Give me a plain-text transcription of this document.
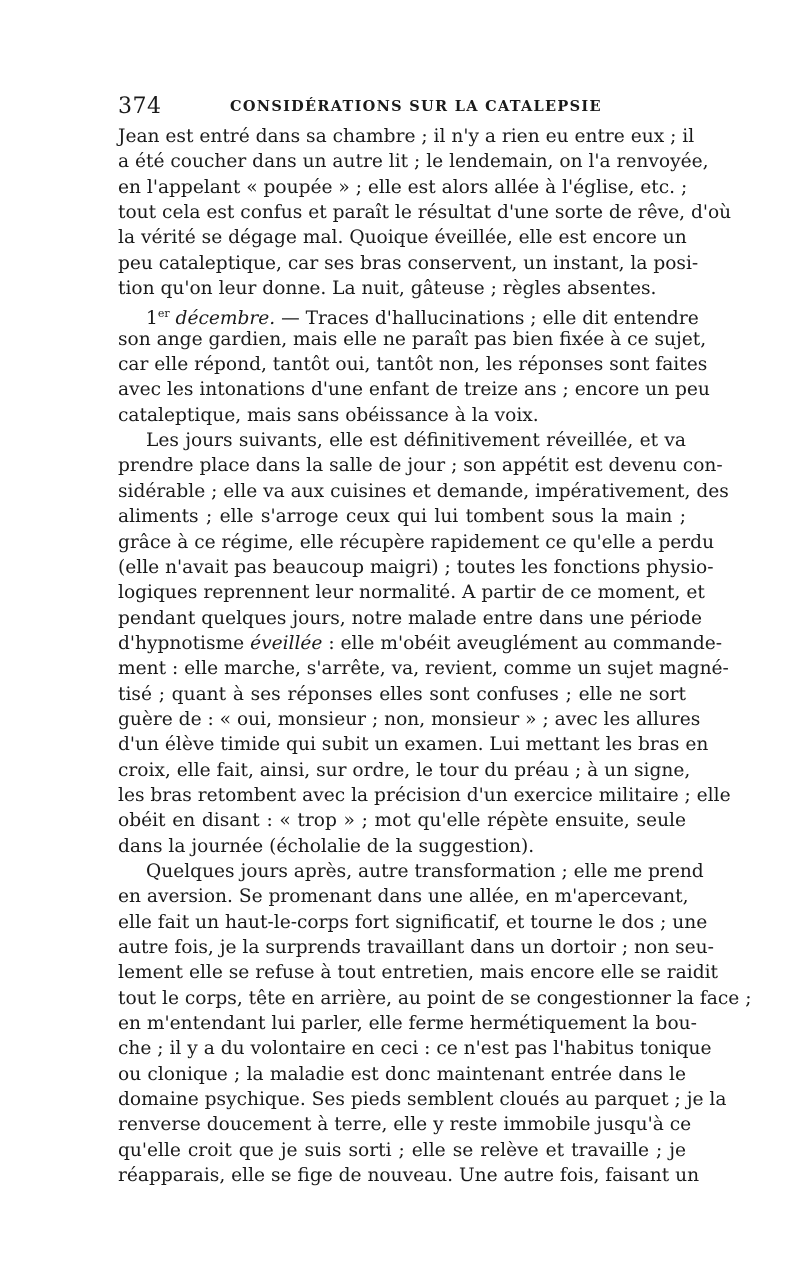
374	CONSIDÉRATIONS SUR LA CATALEPSIE
Jean est entré dans sa chambre ; il n'y a rien eu entre eux ; il
a été coucher dans un autre lit ; le lendemain, on l'a renvoyée,
en l'appelant « poupée » ; elle est alors allée à l'église, etc. ;
tout cela est confus et paraît le résultat d'une sorte de rêve, d'où
la vérité se dégage mal. Quoique éveillée, elle est encore un
peu cataleptique, car ses bras conservent, un instant, la posi-
tion qu'on leur donne. La nuit, gâteuse ; règles absentes.
1er décembre. — Traces d'hallucinations ; elle dit entendre
son ange gardien, mais elle ne paraît pas bien fixée à ce sujet,
car elle répond, tantôt oui, tantôt non, les réponses sont faites
avec les intonations d'une enfant de treize ans ; encore un peu
cataleptique, mais sans obéissance à la voix.
Les jours suivants, elle est définitivement réveillée, et va
prendre place dans la salle de jour ; son appétit est devenu con-
sidérable ; elle va aux cuisines et demande, impérativement, des
aliments ; elle s'arroge ceux qui lui tombent sous la main ;
grâce à ce régime, elle récupère rapidement ce qu'elle a perdu
(elle n'avait pas beaucoup maigri) ; toutes les fonctions physio-
logiques reprennent leur normalité. A partir de ce moment, et
pendant quelques jours, notre malade entre dans une période
d'hypnotisme éveillée : elle m'obéit aveuglément au commande-
ment : elle marche, s'arrête, va, revient, comme un sujet magné-
tisé ; quant à ses réponses elles sont confuses ; elle ne sort
guère de : « oui, monsieur ; non, monsieur » ; avec les allures
d'un élève timide qui subit un examen. Lui mettant les bras en
croix, elle fait, ainsi, sur ordre, le tour du préau ; à un signe,
les bras retombent avec la précision d'un exercice militaire ; elle
obéit en disant : « trop » ; mot qu'elle répète ensuite, seule
dans la journée (écholalie de la suggestion).
Quelques jours après, autre transformation ; elle me prend
en aversion. Se promenant dans une allée, en m'apercevant,
elle fait un haut-le-corps fort significatif, et tourne le dos ; une
autre fois, je la surprends travaillant dans un dortoir ; non seu-
lement elle se refuse à tout entretien, mais encore elle se raidit
tout le corps, tête en arrière, au point de se congestionner la face ;
en m'entendant lui parler, elle ferme hermétiquement la bou-
che ; il y a du volontaire en ceci : ce n'est pas l'habitus tonique
ou clonique ; la maladie est donc maintenant entrée dans le
domaine psychique. Ses pieds semblent cloués au parquet ; je la
renverse doucement à terre, elle y reste immobile jusqu'à ce
qu'elle croit que je suis sorti ; elle se relève et travaille ; je
réapparais, elle se fige de nouveau. Une autre fois, faisant un
